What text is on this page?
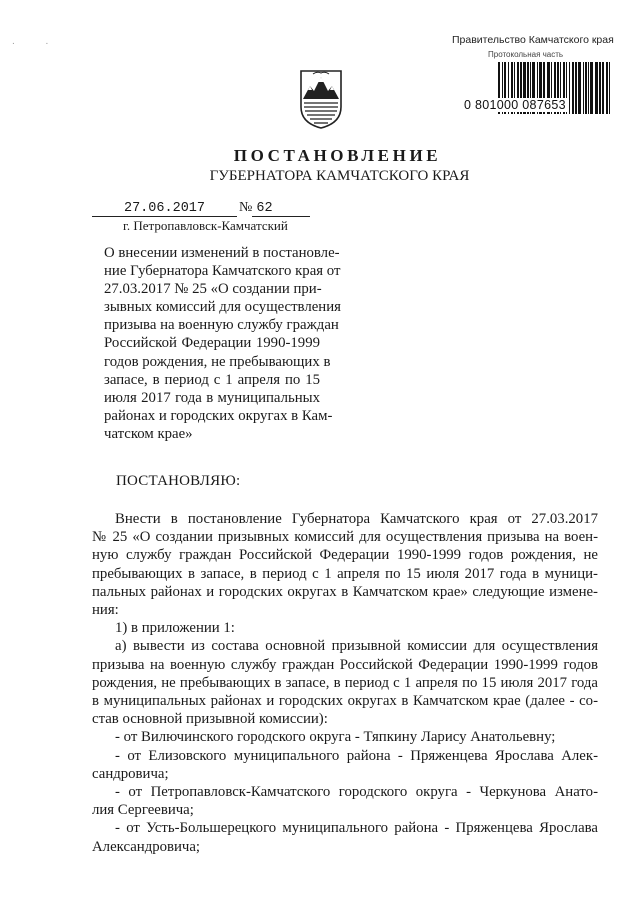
. .	Правительство Камчатского края
Протокольная часть
0 801000 087653
ПОСТАНОВЛЕНИЕ
ГУБЕРНАТОРА КАМЧАТСКОГО КРАЯ
27.06.2017 № 62
г. Петропавловск-Камчатский
О внесении изменений в постановле-
ние Губернатора Камчатского края от
27.03.2017 № 25 «О создании при-
зывных комиссий для осуществления
призыва на военную службу граждан
Российской Федерации 1990-1999
годов рождения, не пребывающих в
запасе, в период с 1 апреля по 15
июля 2017 года в муниципальных
районах и городских округах в Кам-
чатском крае»
ПОСТАНОВЛЯЮ:
Внести в постановление Губернатора Камчатского края от 27.03.2017
№ 25 «О создании призывных комиссий для осуществления призыва на воен-
ную службу граждан Российской Федерации 1990-1999 годов рождения, не
пребывающих в запасе, в период с 1 апреля по 15 июля 2017 года в муници-
пальных районах и городских округах в Камчатском крае» следующие измене-
ния:
1) в приложении 1:
а) вывести из состава основной призывной комиссии для осуществления
призыва на военную службу граждан Российской Федерации 1990-1999 годов
рождения, не пребывающих в запасе, в период с 1 апреля по 15 июля 2017 года
в муниципальных районах и городских округах в Камчатском крае (далее - со-
став основной призывной комиссии):
- от Вилючинского городского округа - Тяпкину Ларису Анатольевну;
- от Елизовского муниципального района - Пряженцева Ярослава Алек-
сандровича;
- от Петропавловск-Камчатского городского округа - Черкунова Анато-
лия Сергеевича;
- от Усть-Большерецкого муниципального района - Пряженцева Ярослава
Александровича;
